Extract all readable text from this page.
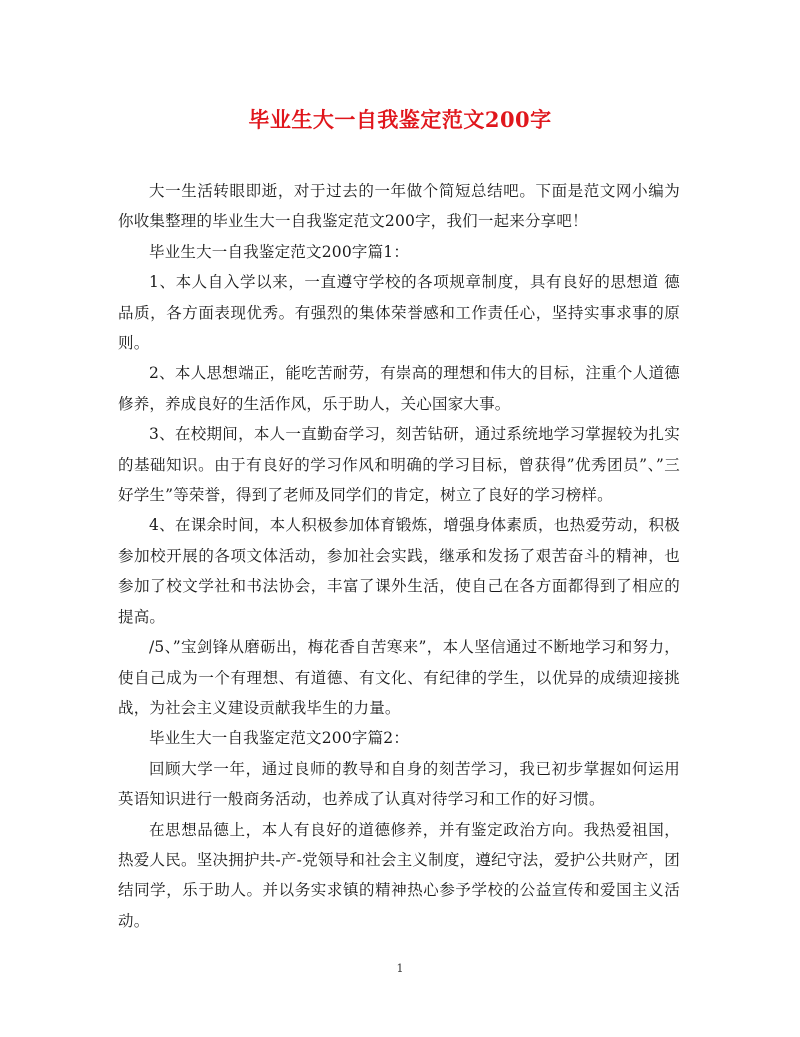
毕业生大一自我鉴定范文200字

大一生活转眼即逝，对于过去的一年做个简短总结吧。下面是范文网小编为你收集整理的毕业生大一自我鉴定范文200字，我们一起来分享吧！

毕业生大一自我鉴定范文200字篇1：

1、本人自入学以来，一直遵守学校的各项规章制度，具有良好的思想道 德品质，各方面表现优秀。有强烈的集体荣誉感和工作责任心，坚持实事求事的原则。

2、本人思想端正，能吃苦耐劳，有崇高的理想和伟大的目标，注重个人道德修养，养成良好的生活作风，乐于助人，关心国家大事。

3、在校期间，本人一直勤奋学习，刻苦钻研，通过系统地学习掌握较为扎实的基础知识。由于有良好的学习作风和明确的学习目标，曾获得”优秀团员”、”三好学生”等荣誉，得到了老师及同学们的肯定，树立了良好的学习榜样。

4、在课余时间，本人积极参加体育锻炼，增强身体素质，也热爱劳动，积极参加校开展的各项文体活动，参加社会实践，继承和发扬了艰苦奋斗的精神，也参加了校文学社和书法协会，丰富了课外生活，使自己在各方面都得到了相应的提高。

/5、”宝剑锋从磨砺出，梅花香自苦寒来”，本人坚信通过不断地学习和努力，使自己成为一个有理想、有道德、有文化、有纪律的学生，以优异的成绩迎接挑战，为社会主义建设贡献我毕生的力量。

毕业生大一自我鉴定范文200字篇2：

回顾大学一年，通过良师的教导和自身的刻苦学习，我已初步掌握如何运用英语知识进行一般商务活动，也养成了认真对待学习和工作的好习惯。

在思想品德上，本人有良好的道德修养，并有鉴定政治方向。我热爱祖国，热爱人民。坚决拥护共-产-党领导和社会主义制度，遵纪守法，爱护公共财产，团结同学，乐于助人。并以务实求镇的精神热心参予学校的公益宣传和爱国主义活动。

1
